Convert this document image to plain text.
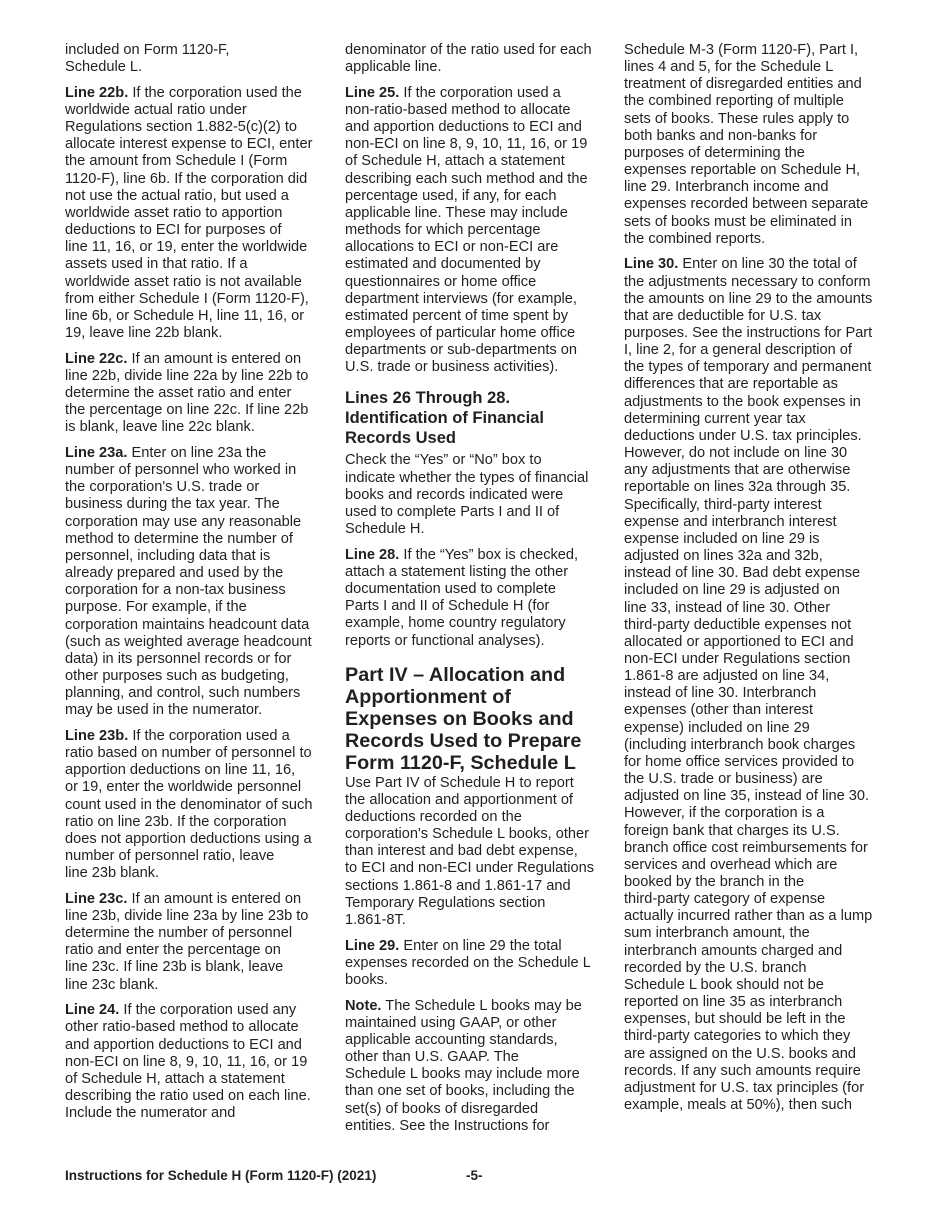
included on Form 1120-F,
Schedule L.

Line 22b. If the corporation used the
worldwide actual ratio under
Regulations section 1.882-5(c)(2) to
allocate interest expense to ECI, enter
the amount from Schedule I (Form
1120-F), line 6b. If the corporation did
not use the actual ratio, but used a
worldwide asset ratio to apportion
deductions to ECI for purposes of
line 11, 16, or 19, enter the worldwide
assets used in that ratio. If a
worldwide asset ratio is not available
from either Schedule I (Form 1120-F),
line 6b, or Schedule H, line 11, 16, or
19, leave line 22b blank.

Line 22c. If an amount is entered on
line 22b, divide line 22a by line 22b to
determine the asset ratio and enter
the percentage on line 22c. If line 22b
is blank, leave line 22c blank.

Line 23a. Enter on line 23a the
number of personnel who worked in
the corporation's U.S. trade or
business during the tax year. The
corporation may use any reasonable
method to determine the number of
personnel, including data that is
already prepared and used by the
corporation for a non-tax business
purpose. For example, if the
corporation maintains headcount data
(such as weighted average headcount
data) in its personnel records or for
other purposes such as budgeting,
planning, and control, such numbers
may be used in the numerator.

Line 23b. If the corporation used a
ratio based on number of personnel to
apportion deductions on line 11, 16,
or 19, enter the worldwide personnel
count used in the denominator of such
ratio on line 23b. If the corporation
does not apportion deductions using a
number of personnel ratio, leave
line 23b blank.

Line 23c. If an amount is entered on
line 23b, divide line 23a by line 23b to
determine the number of personnel
ratio and enter the percentage on
line 23c. If line 23b is blank, leave
line 23c blank.

Line 24. If the corporation used any
other ratio-based method to allocate
and apportion deductions to ECI and
non-ECI on line 8, 9, 10, 11, 16, or 19
of Schedule H, attach a statement
describing the ratio used on each line.
Include the numerator and

denominator of the ratio used for each
applicable line.

Line 25. If the corporation used a
non-ratio-based method to allocate
and apportion deductions to ECI and
non-ECI on line 8, 9, 10, 11, 16, or 19
of Schedule H, attach a statement
describing each such method and the
percentage used, if any, for each
applicable line. These may include
methods for which percentage
allocations to ECI or non-ECI are
estimated and documented by
questionnaires or home office
department interviews (for example,
estimated percent of time spent by
employees of particular home office
departments or sub-departments on
U.S. trade or business activities).

Lines 26 Through 28.
Identification of Financial
Records Used

Check the “Yes” or “No” box to
indicate whether the types of financial
books and records indicated were
used to complete Parts I and II of
Schedule H.

Line 28. If the “Yes” box is checked,
attach a statement listing the other
documentation used to complete
Parts I and II of Schedule H (for
example, home country regulatory
reports or functional analyses).

Part IV – Allocation and
Apportionment of
Expenses on Books and
Records Used to Prepare
Form 1120-F, Schedule L

Use Part IV of Schedule H to report
the allocation and apportionment of
deductions recorded on the
corporation's Schedule L books, other
than interest and bad debt expense,
to ECI and non-ECI under Regulations
sections 1.861-8 and 1.861-17 and
Temporary Regulations section
1.861-8T.

Line 29. Enter on line 29 the total
expenses recorded on the Schedule L
books.

Note. The Schedule L books may be
maintained using GAAP, or other
applicable accounting standards,
other than U.S. GAAP. The
Schedule L books may include more
than one set of books, including the
set(s) of books of disregarded
entities. See the Instructions for

Schedule M-3 (Form 1120-F), Part I,
lines 4 and 5, for the Schedule L
treatment of disregarded entities and
the combined reporting of multiple
sets of books. These rules apply to
both banks and non-banks for
purposes of determining the
expenses reportable on Schedule H,
line 29. Interbranch income and
expenses recorded between separate
sets of books must be eliminated in
the combined reports.

Line 30. Enter on line 30 the total of
the adjustments necessary to conform
the amounts on line 29 to the amounts
that are deductible for U.S. tax
purposes. See the instructions for Part
I, line 2, for a general description of
the types of temporary and permanent
differences that are reportable as
adjustments to the book expenses in
determining current year tax
deductions under U.S. tax principles.
However, do not include on line 30
any adjustments that are otherwise
reportable on lines 32a through 35.
Specifically, third-party interest
expense and interbranch interest
expense included on line 29 is
adjusted on lines 32a and 32b,
instead of line 30. Bad debt expense
included on line 29 is adjusted on
line 33, instead of line 30. Other
third-party deductible expenses not
allocated or apportioned to ECI and
non-ECI under Regulations section
1.861-8 are adjusted on line 34,
instead of line 30. Interbranch
expenses (other than interest
expense) included on line 29
(including interbranch book charges
for home office services provided to
the U.S. trade or business) are
adjusted on line 35, instead of line 30.
However, if the corporation is a
foreign bank that charges its U.S.
branch office cost reimbursements for
services and overhead which are
booked by the branch in the
third-party category of expense
actually incurred rather than as a lump
sum interbranch amount, the
interbranch amounts charged and
recorded by the U.S. branch
Schedule L book should not be
reported on line 35 as interbranch
expenses, but should be left in the
third-party categories to which they
are assigned on the U.S. books and
records. If any such amounts require
adjustment for U.S. tax principles (for
example, meals at 50%), then such

Instructions for Schedule H (Form 1120-F) (2021)	-5-
